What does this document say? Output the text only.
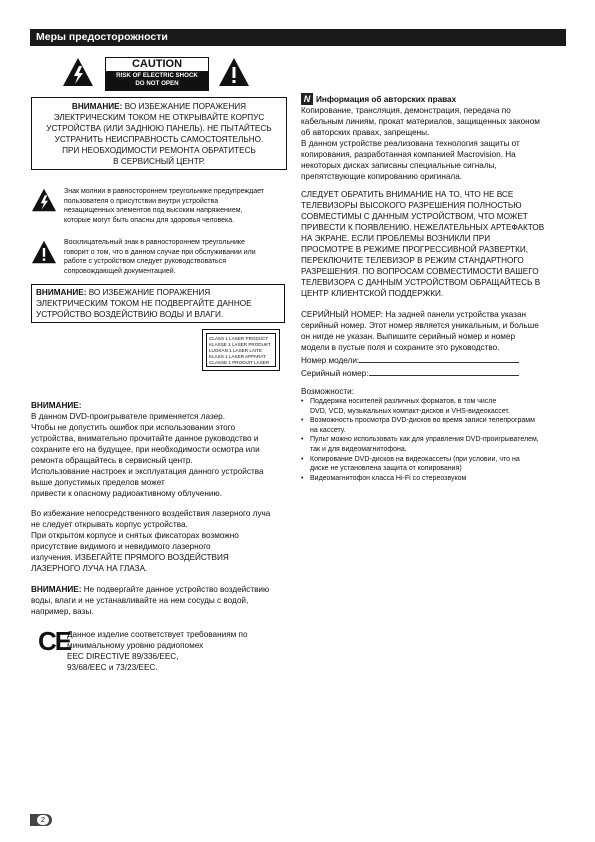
Меры предосторожности
CAUTION
RISK OF ELECTRIC SHOCK
DO NOT OPEN
ВНИМАНИЕ: ВО ИЗБЕЖАНИЕ ПОРАЖЕНИЯ
ЭЛЕКТРИЧЕСКИМ ТОКОМ НЕ ОТКРЫВАЙТЕ КОРПУС
УСТРОЙСТВА (ИЛИ ЗАДНЮЮ ПАНЕЛЬ). НЕ ПЫТАЙТЕСЬ
УСТРАНИТЬ НЕИСПРАВНОСТЬ САМОСТОЯТЕЛЬНО.
ПРИ НЕОБХОДИМОСТИ РЕМОНТА ОБРАТИТЕСЬ
В СЕРВИСНЫЙ ЦЕНТР.
Знак молнии в равностороннем треугольнике предупреждает
пользователя о присутствии внутри устройства
незащищенных элементов под высоким напряжением,
которые могут быть опасны для здоровья человека.
Восклицательный знак в равностороннем треугольнике
говорит о том, что в данном случае при обслуживании или
работе с устройством следует руководствоваться
сопровождающей документацией.
ВНИМАНИЕ: ВО ИЗБЕЖАНИЕ ПОРАЖЕНИЯ
ЭЛЕКТРИЧЕСКИМ ТОКОМ НЕ ПОДВЕРГАЙТЕ ДАННОЕ
УСТРОЙСТВО ВОЗДЕЙСТВИЮ ВОДЫ И ВЛАГИ.
CLASS 1 LASER PRODUCT
KLASSE 1 LASER PRODUKT
LUOKAN 1 LASER LAITE
KLASS 1 LASER APPARAT
CLASSE 1 PRODUIT LASER
ВНИМАНИЕ:
В данном DVD-проигрывателе применяется лазер.
Чтобы не допустить ошибок при использовании этого
устройства, внимательно прочитайте данное руководство и
сохраните его на будущее, при необходимости осмотра или
ремонта обращайтесь в сервисный центр.
Использование настроек и эксплуатация данного устройства
выше допустимых пределов может
привести к опасному радиоактивному облучению.
Во избежание непосредственного воздействия лазерного луча
не следует открывать корпус устройства.
При открытом корпусе и снятых фиксаторах возможно
присутствие видимого и невидимого лазерного
излучения. ИЗБЕГАЙТЕ ПРЯМОГО ВОЗДЕЙСТВИЯ
ЛАЗЕРНОГО ЛУЧА НА ГЛАЗА.
ВНИМАНИЕ: Не подвергайте данное устройство воздействию
воды, влаги и не устанавливайте на нем сосуды с водой,
например, вазы.
CE
Данное изделие соответствует требованиям по
минимальному уровню радиопомех
EEC DIRECTIVE 89/336/EEC,
93/68/EEC и 73/23/EEC.
N Информация об авторских правах
Копирование, трансляция, демонстрация, передача по
кабельным линиям, прокат материалов, защищенных законом
об авторских правах, запрещены.
В данном устройстве реализована технология защиты от
копирования, разработанная компанией Macrovision. На
некоторых дисках записаны специальные сигналы,
препятствующие копированию оригинала.
СЛЕДУЕТ ОБРАТИТЬ ВНИМАНИЕ НА ТО, ЧТО НЕ ВСЕ
ТЕЛЕВИЗОРЫ ВЫСОКОГО РАЗРЕШЕНИЯ ПОЛНОСТЬЮ
СОВМЕСТИМЫ С ДАННЫМ УСТРОЙСТВОМ, ЧТО МОЖЕТ
ПРИВЕСТИ К ПОЯВЛЕНИЮ. НЕЖЕЛАТЕЛЬНЫХ АРТЕФАКТОВ
НА ЭКРАНЕ. ЕСЛИ ПРОБЛЕМЫ ВОЗНИКЛИ ПРИ
ПРОСМОТРЕ В РЕЖИМЕ ПРОГРЕССИВНОЙ РАЗВЕРТКИ,
ПЕРЕКЛЮЧИТЕ ТЕЛЕВИЗОР В РЕЖИМ СТАНДАРТНОГО
РАЗРЕШЕНИЯ. ПО ВОПРОСАМ СОВМЕСТИМОСТИ ВАШЕГО
ТЕЛЕВИЗОРА С ДАННЫМ УСТРОЙСТВОМ ОБРАЩАЙТЕСЬ В
ЦЕНТР КЛИЕНТСКОЙ ПОДДЕРЖКИ.
СЕРИЙНЫЙ НОМЕР: На задней панели устройства указан
серийный номер. Этот номер является уникальным, и больше
он нигде не указан. Выпишите серийный номер и номер
модели в пустые поля и сохраните это руководство.
Номер модели:
Серийный номер:
Возможности:
• Поддержка носителей различных форматов, в том числе
DVD, VCD, музыкальных компакт-дисков и VHS-видеокассет.
• Возможность просмотра DVD-дисков во время записи телепрограмм
на кассету.
• Пульт можно использовать как для управления DVD-проигрывателем,
так и для видеомагнитофона.
• Копирование DVD-дисков на видеокассеты (при условии, что на
диске не установлена защита от копирования)
• Видеомагнитофон класса Hi-Fi со стереозвуком
2
